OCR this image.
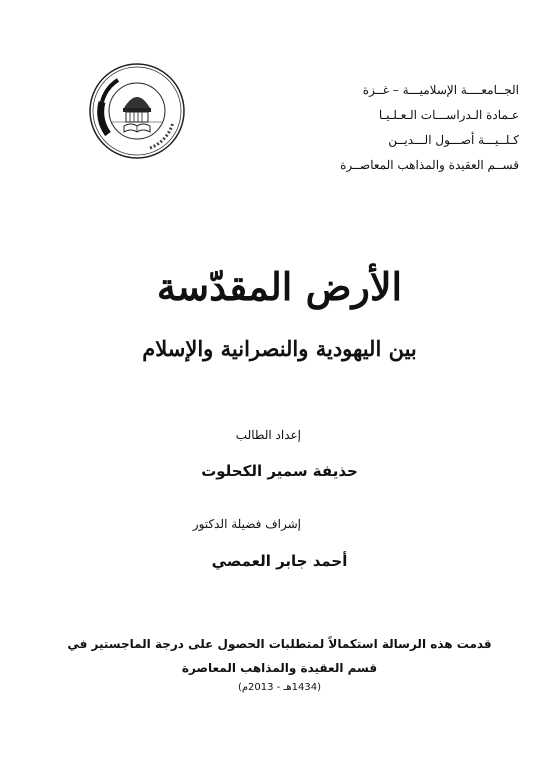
الجــامعــــة الإسلاميـــة – غــزة
عـمادة الـدراســـات الـعـلـيـا
كـلــيـــة أصـــول الـــديــن
قســم العقيدة والمذاهب المعاصــرة
الأرض المقدّسة
بين اليهودية والنصرانية والإسلام
إعداد الطالب
حذيفة سمير الكحلوت
إشراف فضيلة الدكتور
أحمد جابر العمصي
قدمت هذه الرسالة استكمالاً لمتطلبات الحصول على درجة الماجستير في
قسم العقيدة والمذاهب المعاصرة
(1434هـ - 2013م)
